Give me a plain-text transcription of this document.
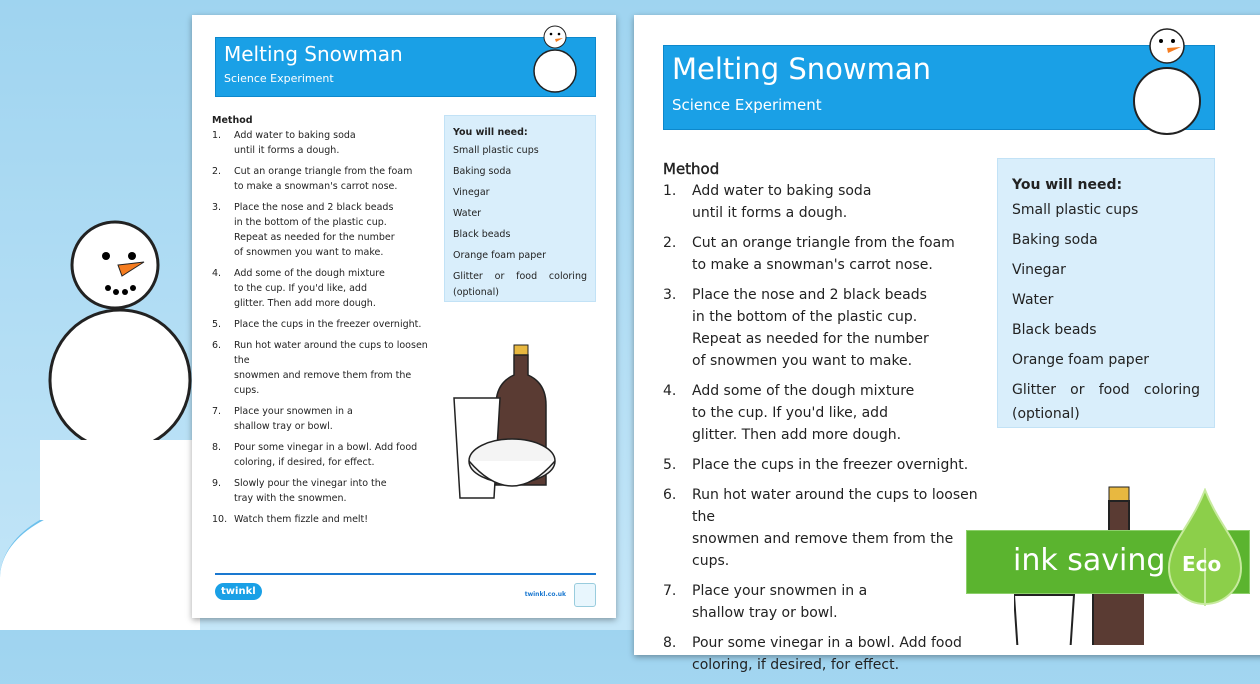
Melting Snowman
Science Experiment
Method
1.	Add water to baking soda
until it forms a dough.
2.	Cut an orange triangle from the foam
to make a snowman's carrot nose.
3.	Place the nose and 2 black beads
in the bottom of the plastic cup.
Repeat as needed for the number
of snowmen you want to make.
4.	Add some of the dough mixture
to the cup. If you'd like, add
glitter. Then add more dough.
5.	Place the cups in the freezer overnight.
6.	Run hot water around the cups to loosen the
snowmen and remove them from the cups.
7.	Place your snowmen in a
shallow tray or bowl.
8.	Pour some vinegar in a bowl. Add food
coloring, if desired, for effect.
9.	Slowly pour the vinegar into the
tray with the snowmen.
10. Watch them fizzle and melt!
You will need:
Small plastic cups
Baking soda
Vinegar
Water
Black beads
Orange foam paper
Glitter or food coloring
(optional)
twinkl	twinkl.co.uk
Melting Snowman
Science Experiment
Method
1.	Add water to baking soda
until it forms a dough.
2.	Cut an orange triangle from the foam
to make a snowman's carrot nose.
3.	Place the nose and 2 black beads
in the bottom of the plastic cup.
Repeat as needed for the number
of snowmen you want to make.
4.	Add some of the dough mixture
to the cup. If you'd like, add
glitter. Then add more dough.
5.	Place the cups in the freezer overnight.
6.	Run hot water around the cups to loosen the
snowmen and remove them from the cups.
7.	Place your snowmen in a
shallow tray or bowl.
8.	Pour some vinegar in a bowl. Add food
coloring, if desired, for effect.
You will need:
Small plastic cups
Baking soda
Vinegar
Water
Black beads
Orange foam paper
Glitter or food coloring
(optional)
ink saving Eco
